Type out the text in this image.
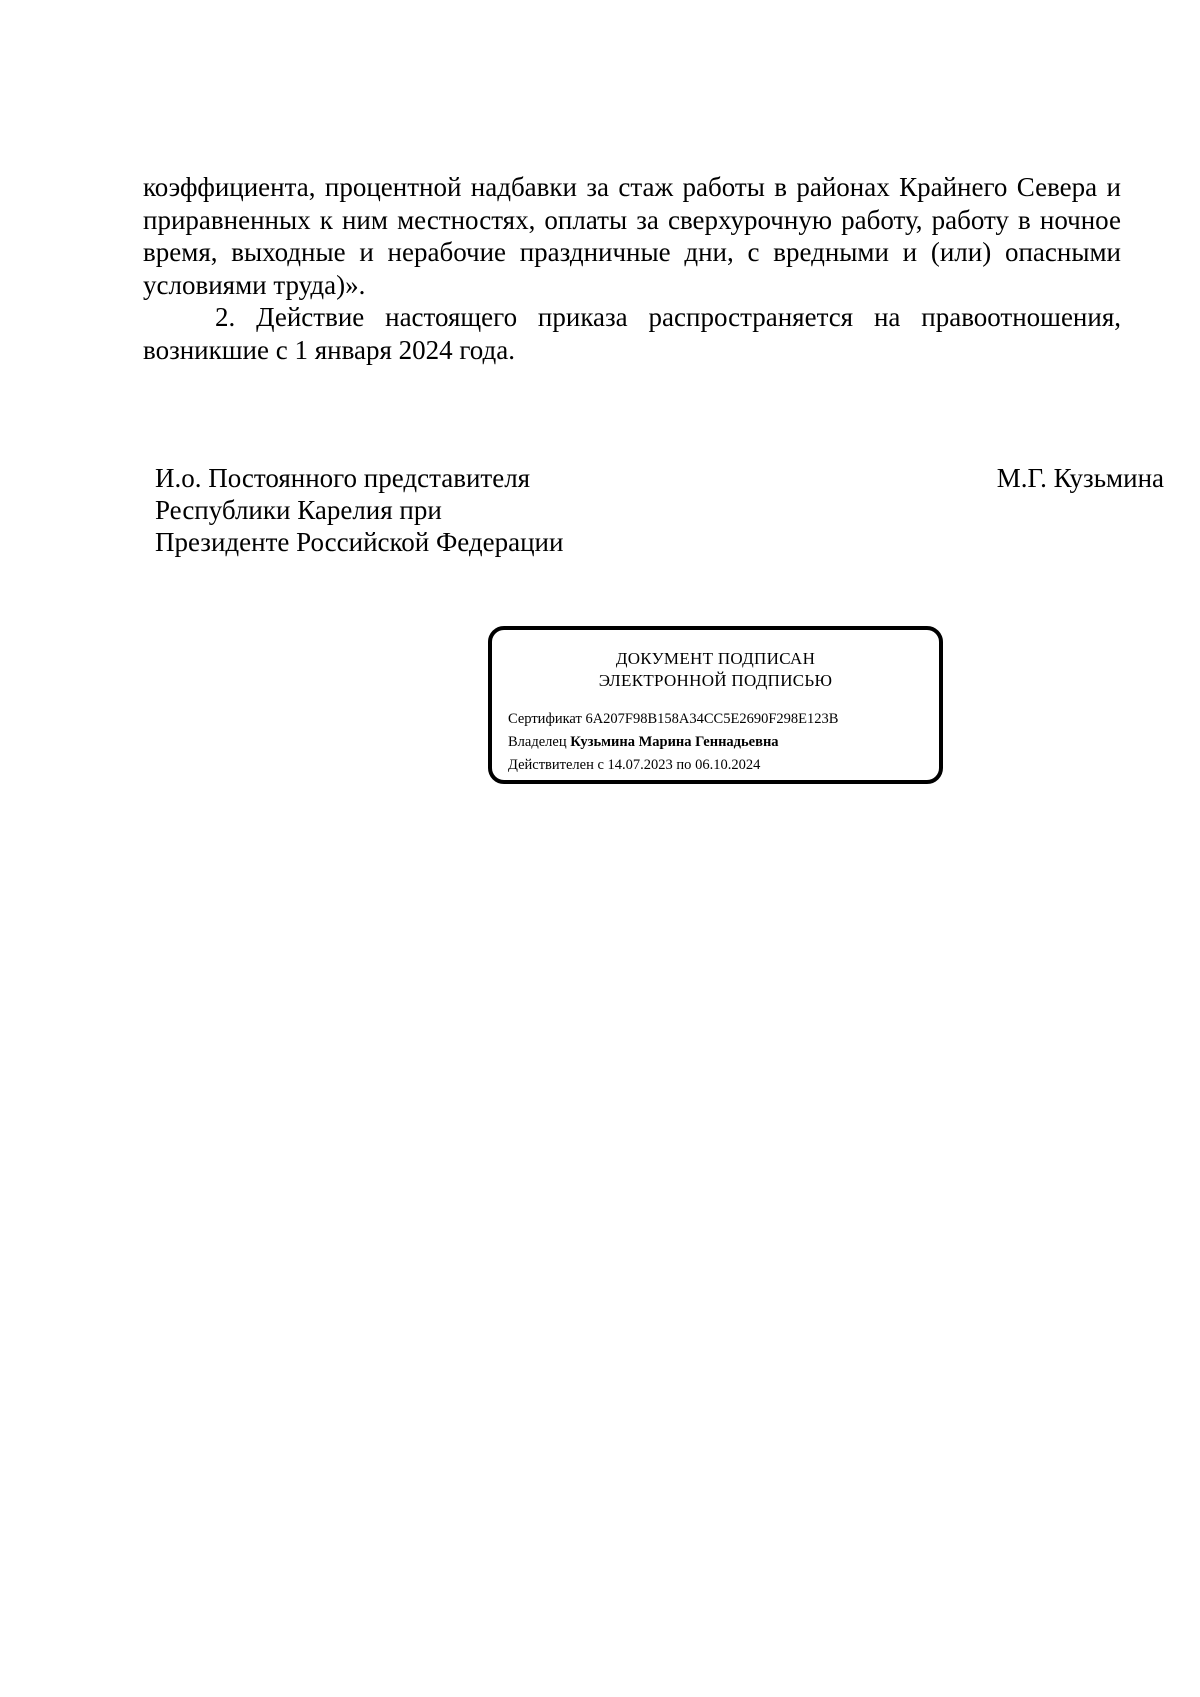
коэффициента, процентной надбавки за стаж работы в районах Крайнего Севера и приравненных к ним местностях, оплаты за сверхурочную работу, работу в ночное время, выходные и нерабочие праздничные дни, с вредными и (или) опасными условиями труда)».

2. Действие настоящего приказа распространяется на правоотношения, возникшие с 1 января 2024 года.

И.о. Постоянного представителя
Республики Карелия при
Президенте Российской Федерации
М.Г. Кузьмина
ДОКУМЕНТ ПОДПИСАН
ЭЛЕКТРОННОЙ ПОДПИСЬЮ
Сертификат 6A207F98B158A34CC5E2690F298E123B
Владелец Кузьмина Марина Геннадьевна
Действителен с 14.07.2023 по 06.10.2024
